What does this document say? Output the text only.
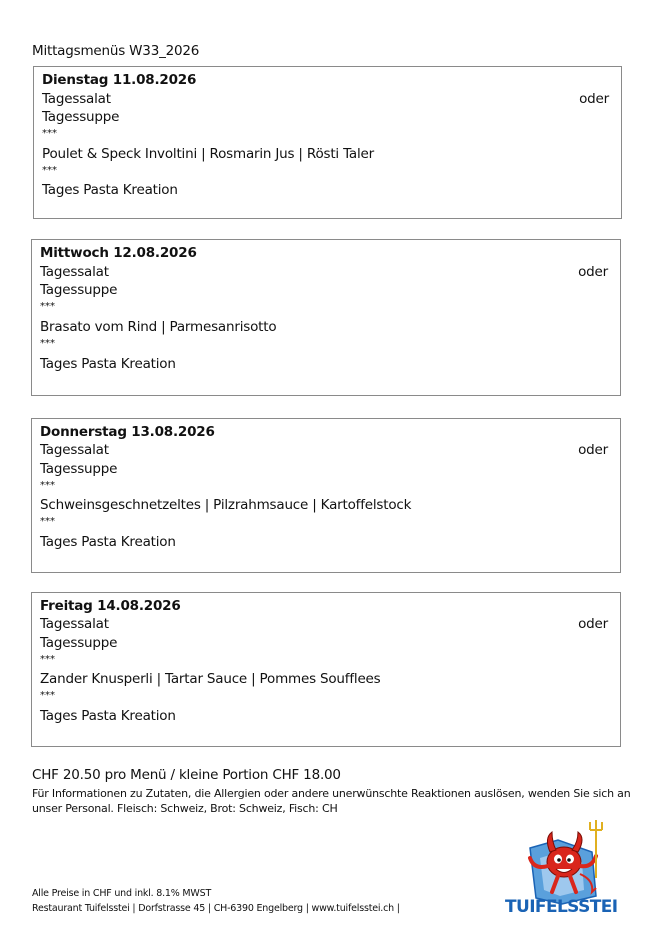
Mittagsmenüs W33_2026
Dienstag 11.08.2026
Tagessalat	oder
Tagessuppe
***
Poulet & Speck Involtini | Rosmarin Jus | Rösti Taler
***
Tages Pasta Kreation
Mittwoch 12.08.2026
Tagessalat	oder
Tagessuppe
***
Brasato vom Rind | Parmesanrisotto
***
Tages Pasta Kreation
Donnerstag 13.08.2026
Tagessalat	oder
Tagessuppe
***
Schweinsgeschnetzeltes | Pilzrahmsauce | Kartoffelstock
***
Tages Pasta Kreation
Freitag 14.08.2026
Tagessalat	oder
Tagessuppe
***
Zander Knusperli | Tartar Sauce | Pommes Soufflees
***
Tages Pasta Kreation
CHF 20.50 pro Menü / kleine Portion CHF 18.00
Für Informationen zu Zutaten, die Allergien oder andere unerwünschte Reaktionen auslösen, wenden Sie sich an unser Personal. Fleisch: Schweiz, Brot: Schweiz, Fisch: CH
Alle Preise in CHF und inkl. 8.1% MWST
Restaurant Tuifelsstei | Dorfstrasse 45 | CH-6390 Engelberg | www.tuifelsstei.ch |	TUIFELSSTEI
